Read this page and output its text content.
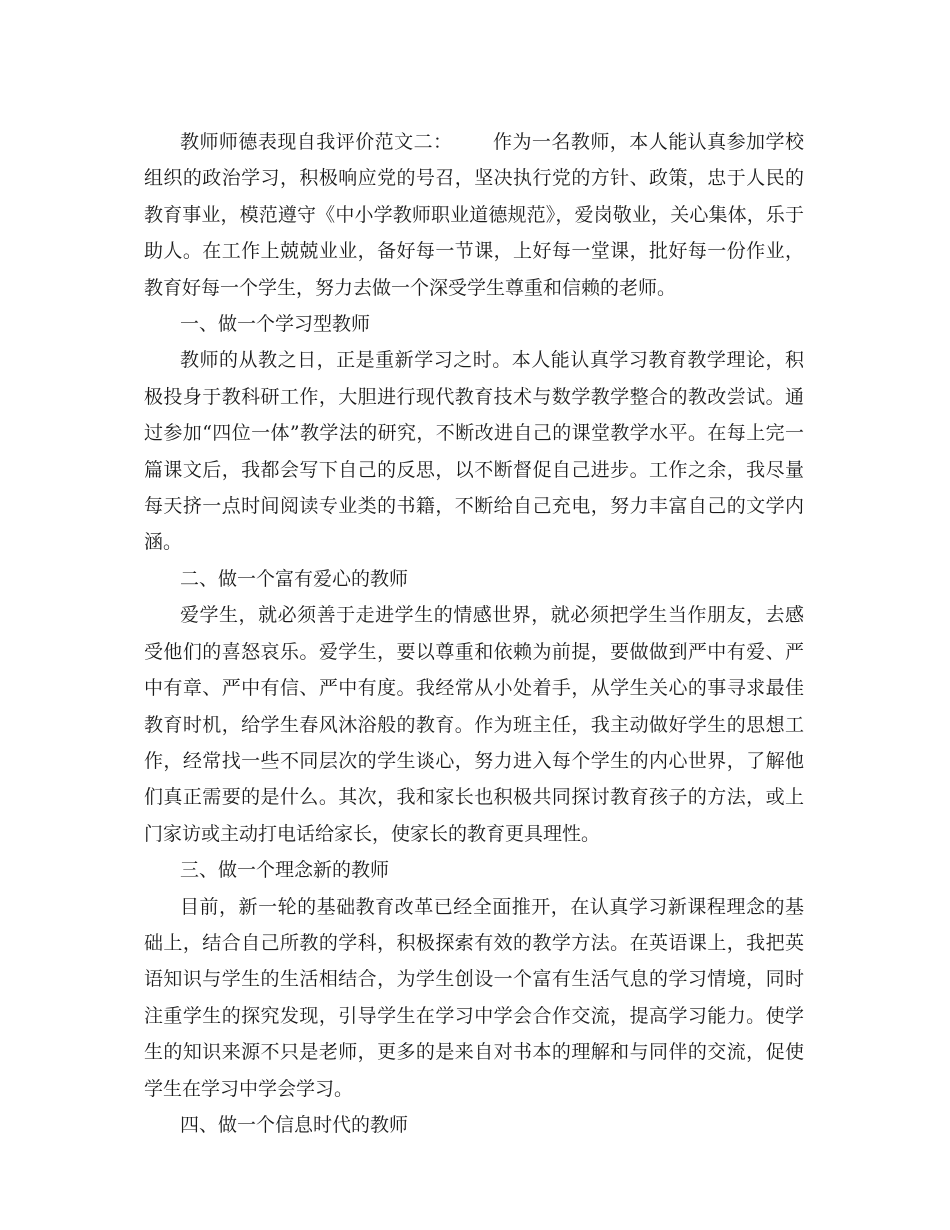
教师师德表现自我评价范文二： 作为一名教师，本人能认真参加学校组织的政治学习，积极响应党的号召，坚决执行党的方针、政策，忠于人民的教育事业，模范遵守《中小学教师职业道德规范》，爱岗敬业，关心集体，乐于助人。在工作上兢兢业业，备好每一节课，上好每一堂课，批好每一份作业，教育好每一个学生，努力去做一个深受学生尊重和信赖的老师。

一、做一个学习型教师

教师的从教之日，正是重新学习之时。本人能认真学习教育教学理论，积极投身于教科研工作，大胆进行现代教育技术与数学教学整合的教改尝试。通过参加“四位一体”教学法的研究，不断改进自己的课堂教学水平。在每上完一篇课文后，我都会写下自己的反思，以不断督促自己进步。工作之余，我尽量每天挤一点时间阅读专业类的书籍，不断给自己充电，努力丰富自己的文学内涵。

二、做一个富有爱心的教师

爱学生，就必须善于走进学生的情感世界，就必须把学生当作朋友，去感受他们的喜怒哀乐。爱学生，要以尊重和依赖为前提，要做做到严中有爱、严中有章、严中有信、严中有度。我经常从小处着手，从学生关心的事寻求最佳教育时机，给学生春风沐浴般的教育。作为班主任，我主动做好学生的思想工作，经常找一些不同层次的学生谈心，努力进入每个学生的内心世界，了解他们真正需要的是什么。其次，我和家长也积极共同探讨教育孩子的方法，或上门家访或主动打电话给家长，使家长的教育更具理性。

三、做一个理念新的教师

目前，新一轮的基础教育改革已经全面推开，在认真学习新课程理念的基础上，结合自己所教的学科，积极探索有效的教学方法。在英语课上，我把英语知识与学生的生活相结合，为学生创设一个富有生活气息的学习情境，同时注重学生的探究发现，引导学生在学习中学会合作交流，提高学习能力。使学生的知识来源不只是老师，更多的是来自对书本的理解和与同伴的交流，促使学生在学习中学会学习。

四、做一个信息时代的教师
